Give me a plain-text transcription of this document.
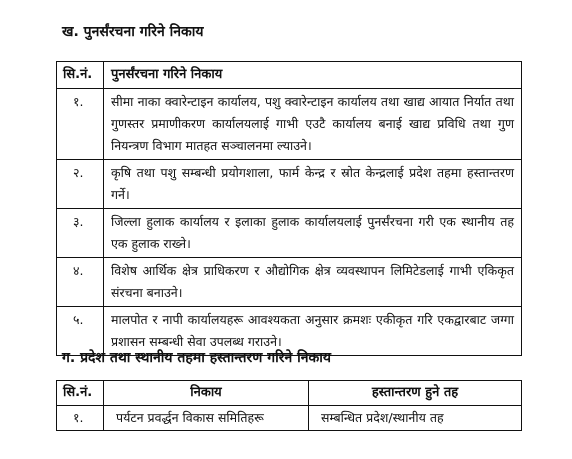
ख. पुनर्संरचना गरिने निकाय
सि.नं.	पुनर्संरचना गरिने निकाय
१.	सीमा नाका क्वारेन्टाइन कार्यालय, पशु क्वारेन्टाइन कार्यालय तथा खाद्य आयात निर्यात तथा गुणस्तर प्रमाणीकरण कार्यालयलाई गाभी एउटै कार्यालय बनाई खाद्य प्रविधि तथा गुण नियन्त्रण विभाग मातहत सञ्चालनमा ल्याउने।
२.	कृषि तथा पशु सम्बन्धी प्रयोगशाला, फार्म केन्द्र र स्रोत केन्द्रलाई प्रदेश तहमा हस्तान्तरण गर्ने।
३.	जिल्ला हुलाक कार्यालय र इलाका हुलाक कार्यालयलाई पुनर्संरचना गरी एक स्थानीय तह एक हुलाक राख्ने।
४.	विशेष आर्थिक क्षेत्र प्राधिकरण र औद्योगिक क्षेत्र व्यवस्थापन लिमिटेडलाई गाभी एकिकृत संरचना बनाउने।
५.	मालपोत र नापी कार्यालयहरू आवश्यकता अनुसार क्रमशः एकीकृत गरि एकद्वारबाट जग्गा प्रशासन सम्बन्धी सेवा उपलब्ध गराउने।
ग. प्रदेश तथा स्थानीय तहमा हस्तान्तरण गरिने निकाय
सि.नं.	निकाय	हस्तान्तरण हुने तह
१.	पर्यटन प्रवर्द्धन विकास समितिहरू	सम्बन्धित प्रदेश/स्थानीय तह
